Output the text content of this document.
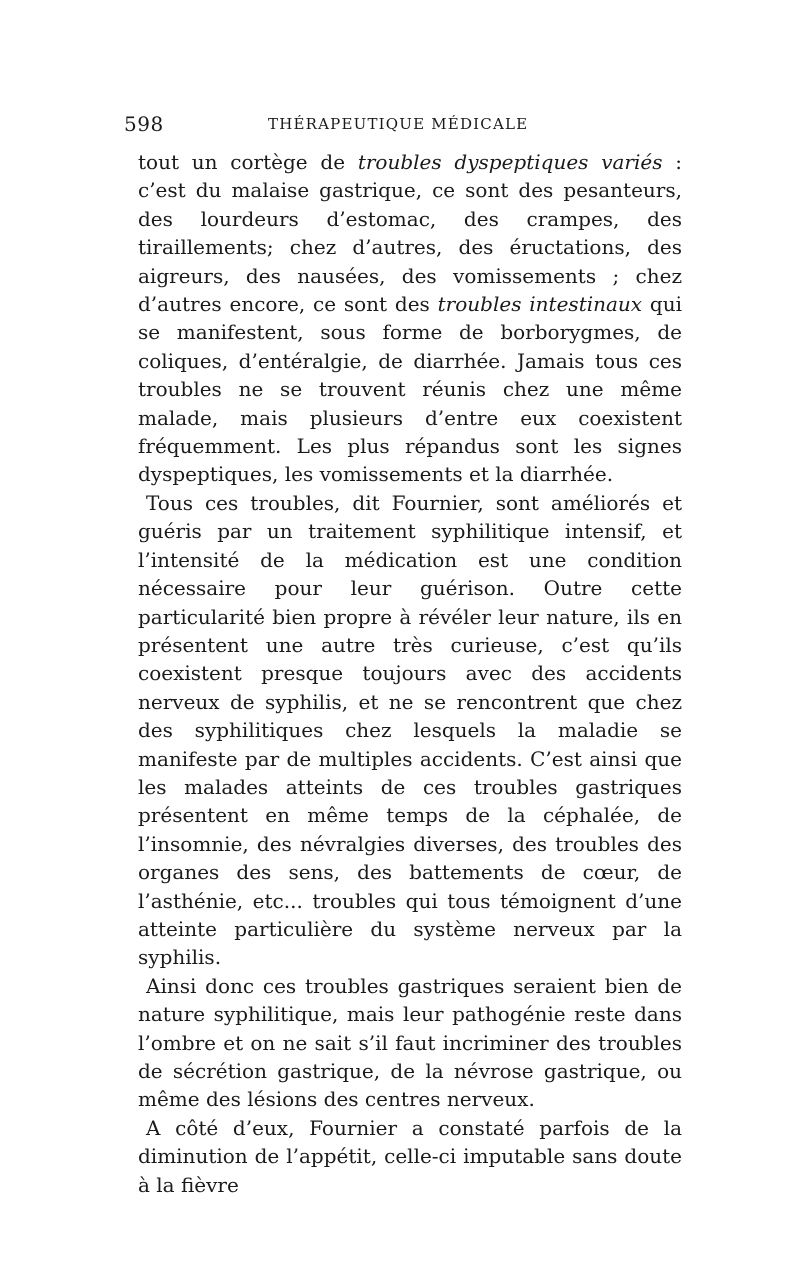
598	THÉRAPEUTIQUE MÉDICALE

tout un cortège de troubles dyspeptiques variés : c’est du malaise gastrique, ce sont des pesanteurs, des lourdeurs d’estomac, des crampes, des tiraillements; chez d’autres, des éructations, des aigreurs, des nausées, des vomissements ; chez d’autres encore, ce sont des troubles intestinaux qui se manifestent, sous forme de borborygmes, de coliques, d’entéralgie, de diarrhée. Jamais tous ces troubles ne se trouvent réunis chez une même malade, mais plusieurs d’entre eux coexistent fréquemment. Les plus répandus sont les signes dyspeptiques, les vomissements et la diarrhée.

Tous ces troubles, dit Fournier, sont améliorés et guéris par un traitement syphilitique intensif, et l’intensité de la médication est une condition nécessaire pour leur guérison. Outre cette particularité bien propre à révéler leur nature, ils en présentent une autre très curieuse, c’est qu’ils coexistent presque toujours avec des accidents nerveux de syphilis, et ne se rencontrent que chez des syphilitiques chez lesquels la maladie se manifeste par de multiples accidents. C’est ainsi que les malades atteints de ces troubles gastriques présentent en même temps de la céphalée, de l’insomnie, des névralgies diverses, des troubles des organes des sens, des battements de cœur, de l’asthénie, etc... troubles qui tous témoignent d’une atteinte particulière du système nerveux par la syphilis.

Ainsi donc ces troubles gastriques seraient bien de nature syphilitique, mais leur pathogénie reste dans l’ombre et on ne sait s’il faut incriminer des troubles de sécrétion gastrique, de la névrose gastrique, ou même des lésions des centres nerveux.

A côté d’eux, Fournier a constaté parfois de la diminution de l’appétit, celle-ci imputable sans doute à la fièvre
